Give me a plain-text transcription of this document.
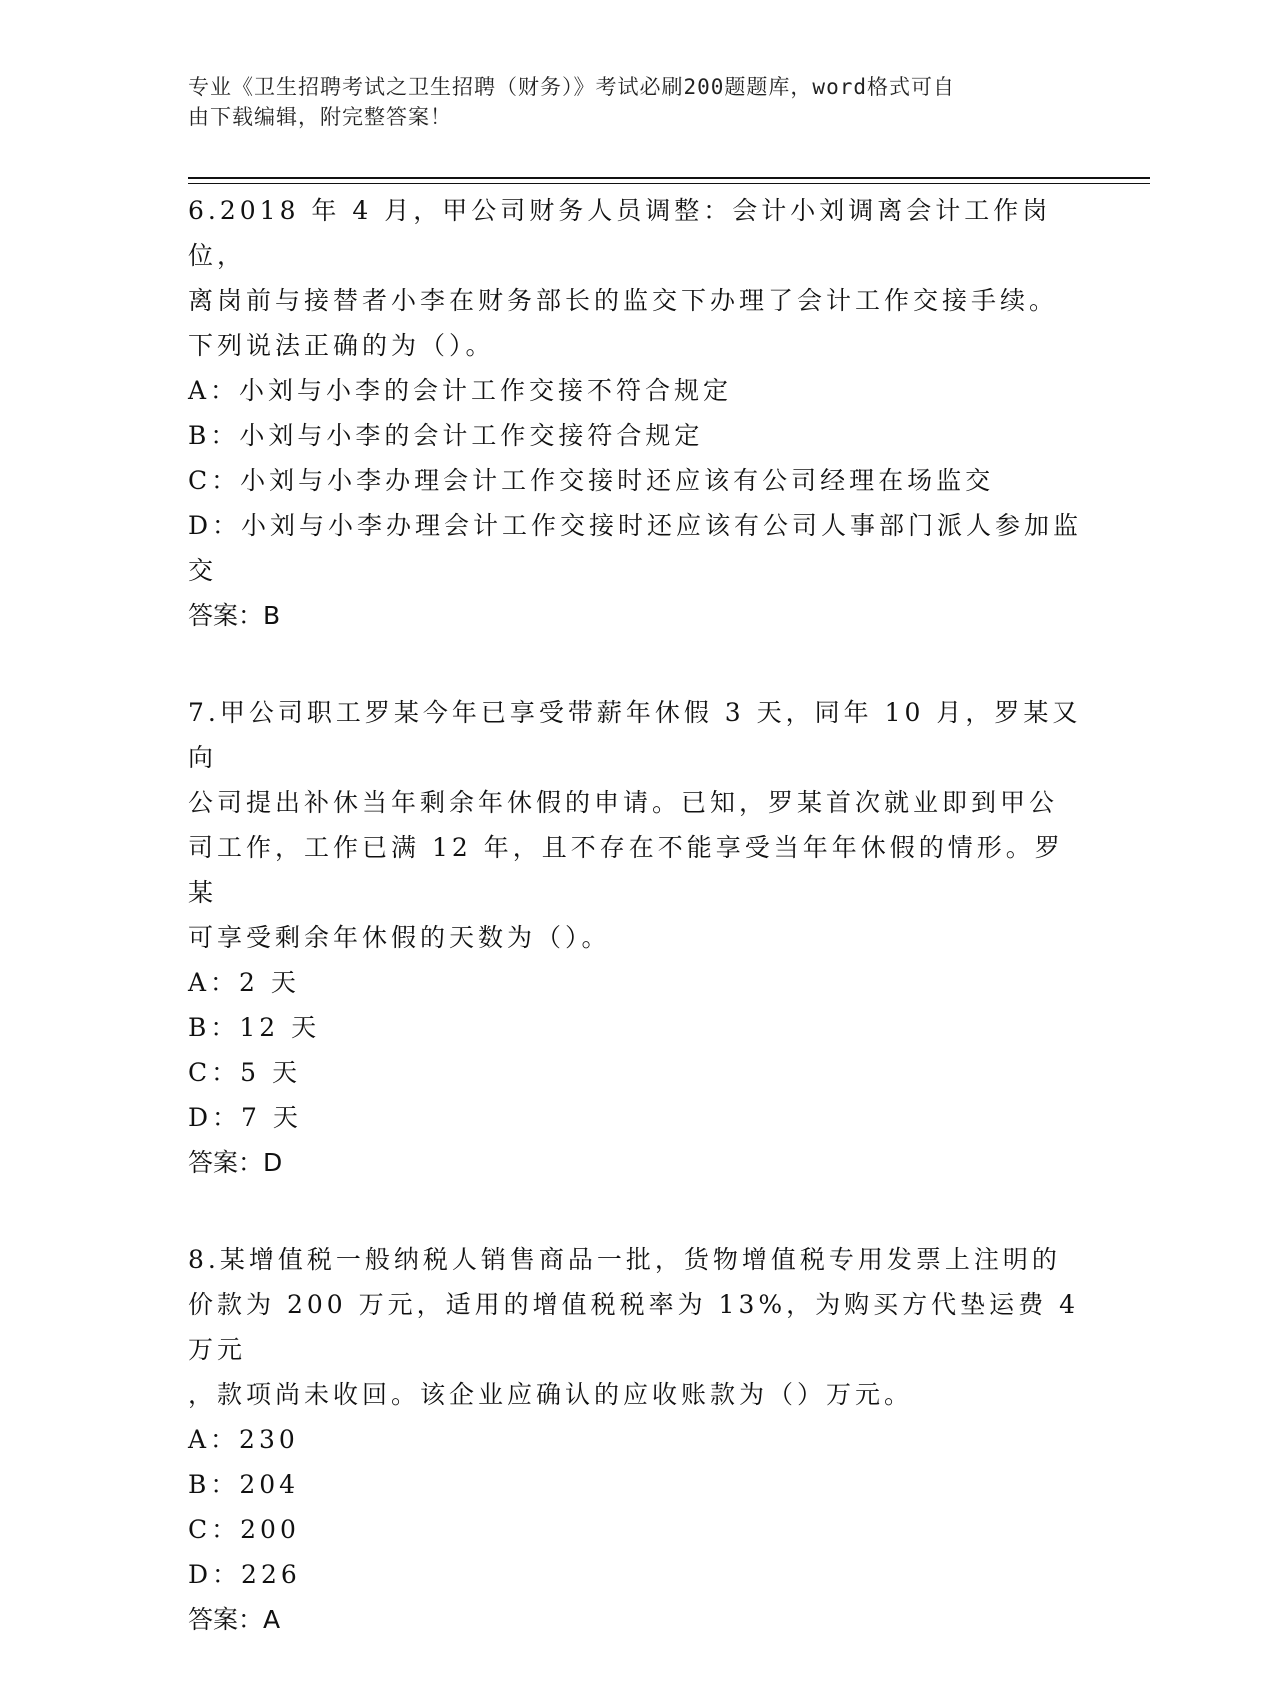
专业《卫生招聘考试之卫生招聘（财务）》考试必刷200题题库，word格式可自

由下载编辑，附完整答案！

6.2018 年 4 月，甲公司财务人员调整：会计小刘调离会计工作岗位，

离岗前与接替者小李在财务部长的监交下办理了会计工作交接手续。

下列说法正确的为（）。

A：小刘与小李的会计工作交接不符合规定

B：小刘与小李的会计工作交接符合规定

C：小刘与小李办理会计工作交接时还应该有公司经理在场监交

D：小刘与小李办理会计工作交接时还应该有公司人事部门派人参加监

交

答案：B

7.甲公司职工罗某今年已享受带薪年休假 3 天，同年 10 月，罗某又向

公司提出补休当年剩余年休假的申请。已知，罗某首次就业即到甲公

司工作，工作已满 12 年，且不存在不能享受当年年休假的情形。罗某

可享受剩余年休假的天数为（）。

A：2 天

B：12 天

C：5 天

D：7 天

答案：D

8.某增值税一般纳税人销售商品一批，货物增值税专用发票上注明的

价款为 200 万元，适用的增值税税率为 13%，为购买方代垫运费 4 万元

，款项尚未收回。该企业应确认的应收账款为（）万元。

A：230

B：204

C：200

D：226

答案：A
